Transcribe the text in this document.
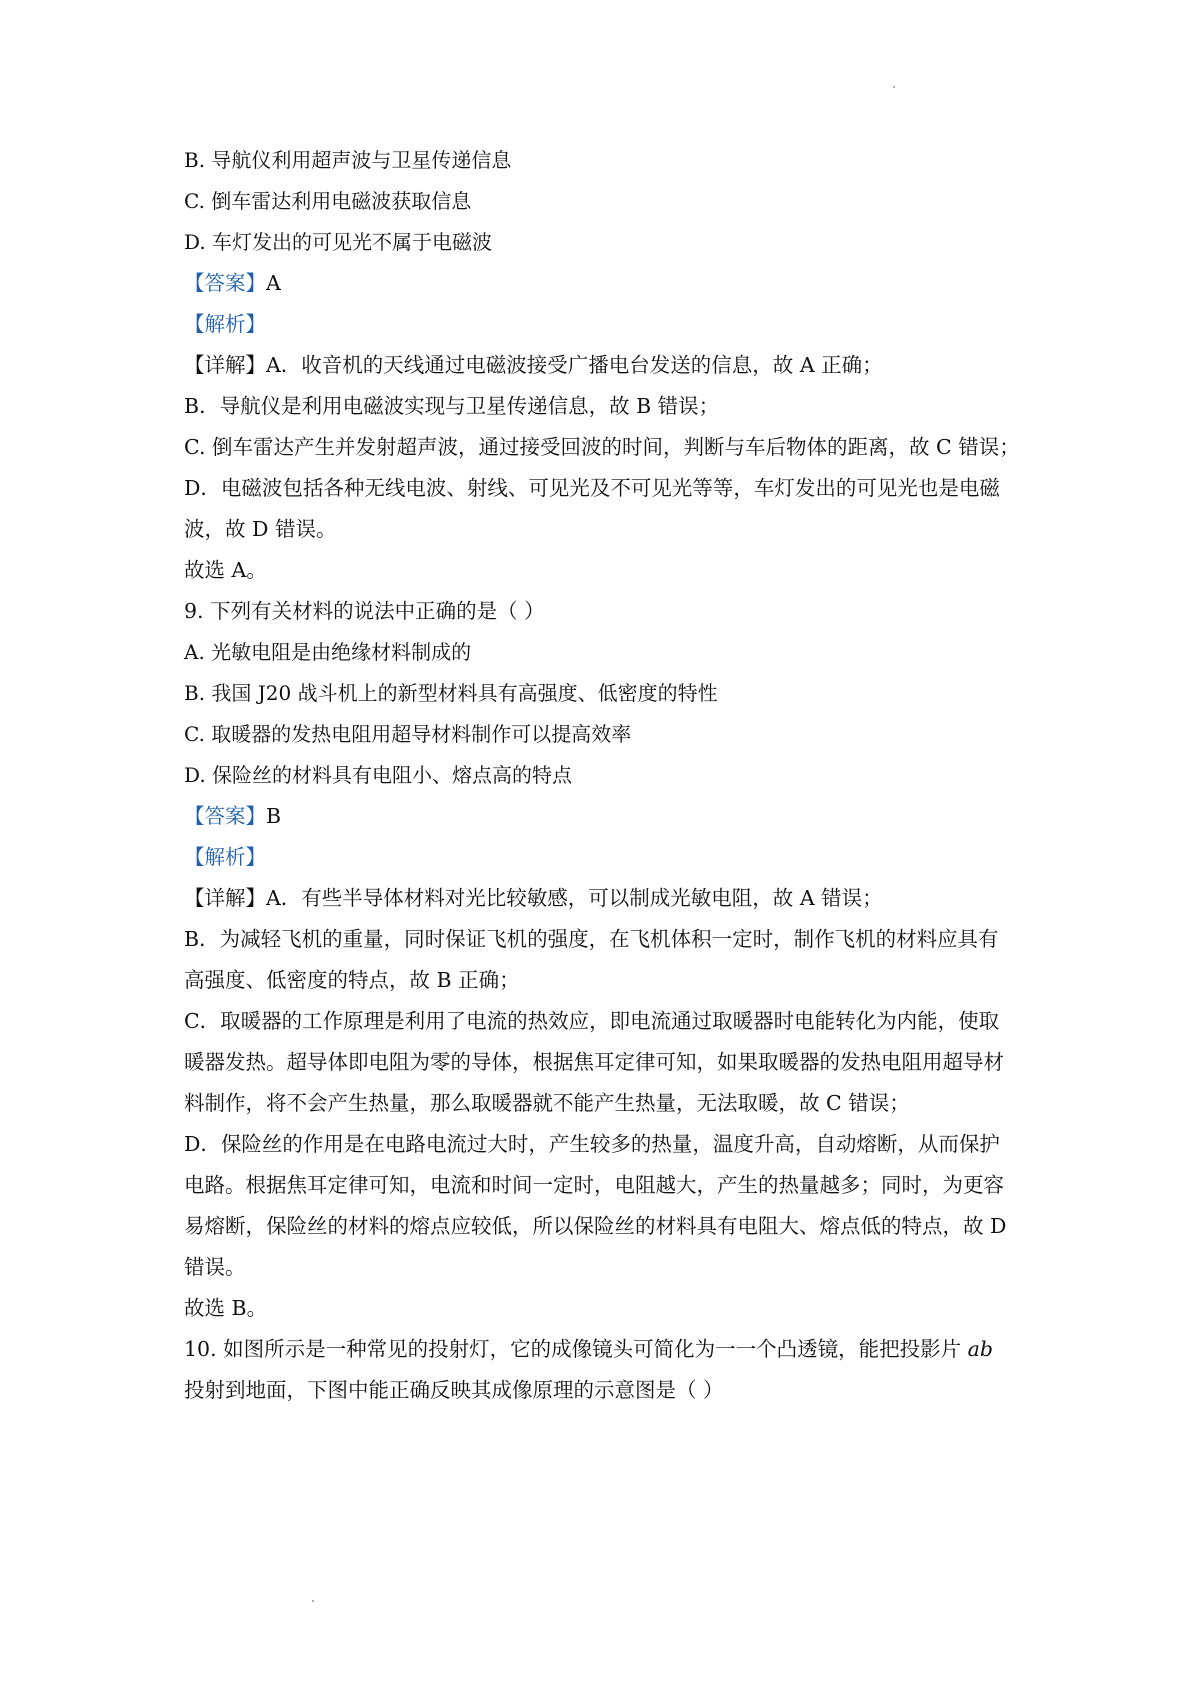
B. 导航仪利用超声波与卫星传递信息
C. 倒车雷达利用电磁波获取信息
D. 车灯发出的可见光不属于电磁波
【答案】A
【解析】
【详解】A．收音机的天线通过电磁波接受广播电台发送的信息，故 A 正确；
B．导航仪是利用电磁波实现与卫星传递信息，故 B 错误；
C. 倒车雷达产生并发射超声波，通过接受回波的时间，判断与车后物体的距离，故 C 错误；
D．电磁波包括各种无线电波、射线、可见光及不可见光等等，车灯发出的可见光也是电磁
波，故 D 错误。
故选 A。
9. 下列有关材料的说法中正确的是（ ）
A. 光敏电阻是由绝缘材料制成的
B. 我国 J20 战斗机上的新型材料具有高强度、低密度的特性
C. 取暖器的发热电阻用超导材料制作可以提高效率
D. 保险丝的材料具有电阻小、熔点高的特点
【答案】B
【解析】
【详解】A．有些半导体材料对光比较敏感，可以制成光敏电阻，故 A 错误；
B．为减轻飞机的重量，同时保证飞机的强度，在飞机体积一定时，制作飞机的材料应具有
高强度、低密度的特点，故 B 正确；
C．取暖器的工作原理是利用了电流的热效应，即电流通过取暖器时电能转化为内能，使取
暖器发热。超导体即电阻为零的导体，根据焦耳定律可知，如果取暖器的发热电阻用超导材
料制作，将不会产生热量，那么取暖器就不能产生热量，无法取暖，故 C 错误；
D．保险丝的作用是在电路电流过大时，产生较多的热量，温度升高，自动熔断，从而保护
电路。根据焦耳定律可知，电流和时间一定时，电阻越大，产生的热量越多；同时，为更容
易熔断，保险丝的材料的熔点应较低，所以保险丝的材料具有电阻大、熔点低的特点，故 D
错误。
故选 B。
10. 如图所示是一种常见的投射灯，它的成像镜头可简化为一一个凸透镜，能把投影片 ab
投射到地面，下图中能正确反映其成像原理的示意图是（ ）
